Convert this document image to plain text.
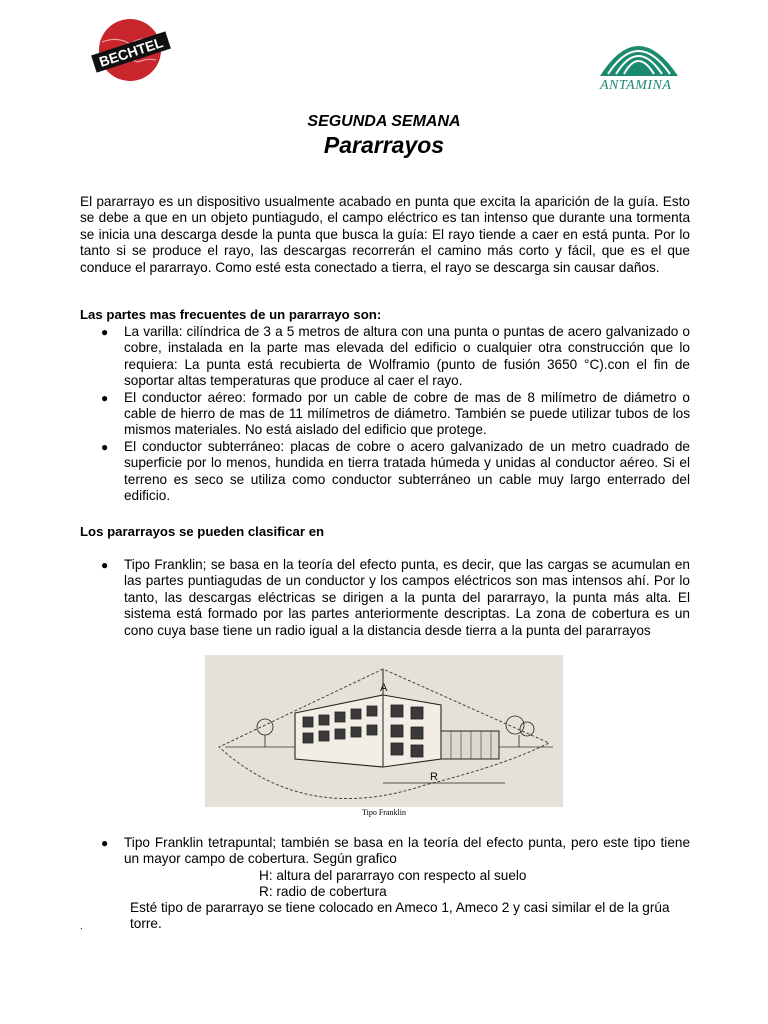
BECHTEL
ANTAMINA
SEGUNDA SEMANA
Pararrayos
El pararrayo es un dispositivo usualmente acabado en punta que excita la aparición de la guía. Esto se debe a que en un objeto puntiagudo, el campo eléctrico es tan intenso que durante una tormenta se inicia una descarga desde la punta que busca la guía: El rayo tiende a caer en está punta. Por lo tanto si se produce el rayo, las descargas recorrerán el camino más corto y fácil, que es el que conduce el pararrayo. Como esté esta conectado a tierra, el rayo se descarga sin causar daños.
Las partes mas frecuentes de un pararrayo son:
● La varilla: cilíndrica de 3 a 5 metros de altura con una punta o puntas de acero galvanizado o cobre, instalada en la parte mas elevada del edificio o cualquier otra construcción que lo requiera: La punta está recubierta de Wolframio (punto de fusión 3650 °C).con el fin de soportar altas temperaturas que produce al caer el rayo.
● El conductor aéreo: formado por un cable de cobre de mas de 8 milímetro de diámetro o cable de hierro de mas de 11 milímetros de diámetro. También se puede utilizar tubos de los mismos materiales. No está aislado del edificio que protege.
● El conductor subterráneo: placas de cobre o acero galvanizado de un metro cuadrado de superficie por lo menos, hundida en tierra tratada húmeda y unidas al conductor aéreo. Si el terreno es seco se utiliza como conductor subterráneo un cable muy largo enterrado del edificio.
Los pararrayos se pueden clasificar en
● Tipo Franklin; se basa en la teoría del efecto punta, es decir, que las cargas se acumulan en las partes puntiagudas de un conductor y los campos eléctricos son mas intensos ahí. Por lo tanto, las descargas eléctricas se dirigen a la punta del pararrayo, la punta más alta. El sistema está formado por las partes anteriormente descriptas. La zona de cobertura es un cono cuya base tiene un radio igual a la distancia desde tierra a la punta del pararrayos
A
R
Tipo Franklin
● Tipo Franklin tetrapuntal; también se basa en la teoría del efecto punta, pero este tipo tiene un mayor campo de cobertura. Según grafico
H: altura del pararrayo con respecto al suelo
R: radio de cobertura
Esté tipo de pararrayo se tiene colocado en Ameco 1, Ameco 2 y casi similar el de la grúa torre.
.
